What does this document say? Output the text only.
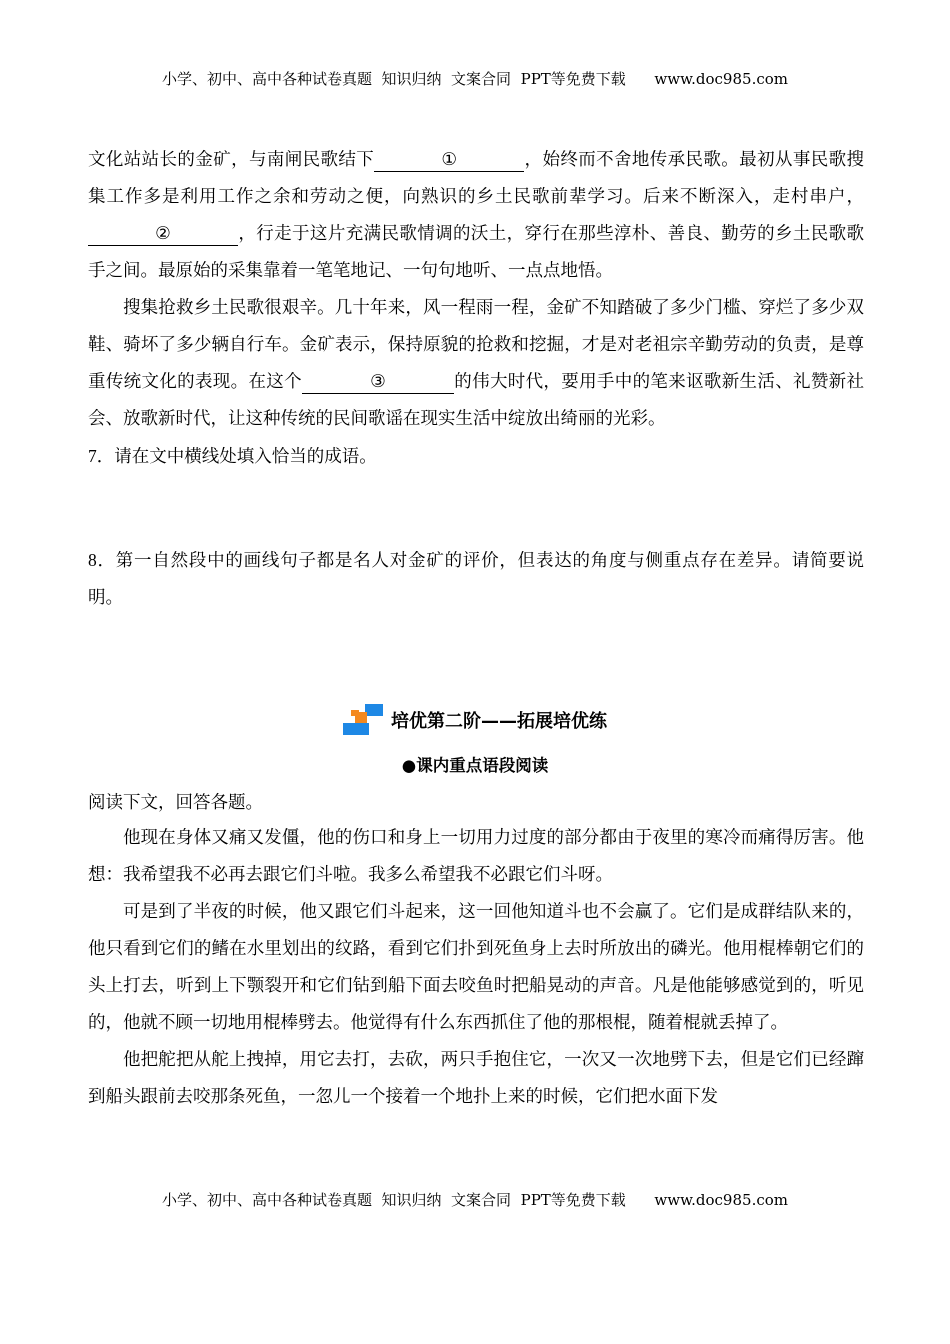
小学、初中、高中各种试卷真题  知识归纳  文案合同  PPT等免费下载      www.doc985.com

文化站站长的金矿，与南闸民歌结下	①	，始终而不舍地传承民歌。最初从事民歌搜集工作多是利用工作之余和劳动之便，向熟识的乡土民歌前辈学习。后来不断深入，走村串户，②	，行走于这片充满民歌情调的沃土，穿行在那些淳朴、善良、勤劳的乡土民歌歌手之间。最原始的采集靠着一笔笔地记、一句句地听、一点点地悟。

搜集抢救乡土民歌很艰辛。几十年来，风一程雨一程，金矿不知踏破了多少门槛、穿烂了多少双鞋、骑坏了多少辆自行车。金矿表示，保持原貌的抢救和挖掘，才是对老祖宗辛勤劳动的负责，是尊重传统文化的表现。在这个	③	的伟大时代，要用手中的笔来讴歌新生活、礼赞新社会、放歌新时代，让这种传统的民间歌谣在现实生活中绽放出绮丽的光彩。

7．请在文中横线处填入恰当的成语。

8．第一自然段中的画线句子都是名人对金矿的评价，但表达的角度与侧重点存在差异。请简要说明。

培优第二阶——拓展培优练
●课内重点语段阅读

阅读下文，回答各题。

他现在身体又痛又发僵，他的伤口和身上一切用力过度的部分都由于夜里的寒冷而痛得厉害。他想：我希望我不必再去跟它们斗啦。我多么希望我不必跟它们斗呀。

可是到了半夜的时候，他又跟它们斗起来，这一回他知道斗也不会赢了。它们是成群结队来的，他只看到它们的鳍在水里划出的纹路，看到它们扑到死鱼身上去时所放出的磷光。他用棍棒朝它们的头上打去，听到上下颚裂开和它们钻到船下面去咬鱼时把船晃动的声音。凡是他能够感觉到的，听见的，他就不顾一切地用棍棒劈去。他觉得有什么东西抓住了他的那根棍，随着棍就丢掉了。

他把舵把从舵上拽掉，用它去打，去砍，两只手抱住它，一次又一次地劈下去，但是它们已经蹿到船头跟前去咬那条死鱼，一忽儿一个接着一个地扑上来的时候，它们把水面下发

小学、初中、高中各种试卷真题  知识归纳  文案合同  PPT等免费下载      www.doc985.com
